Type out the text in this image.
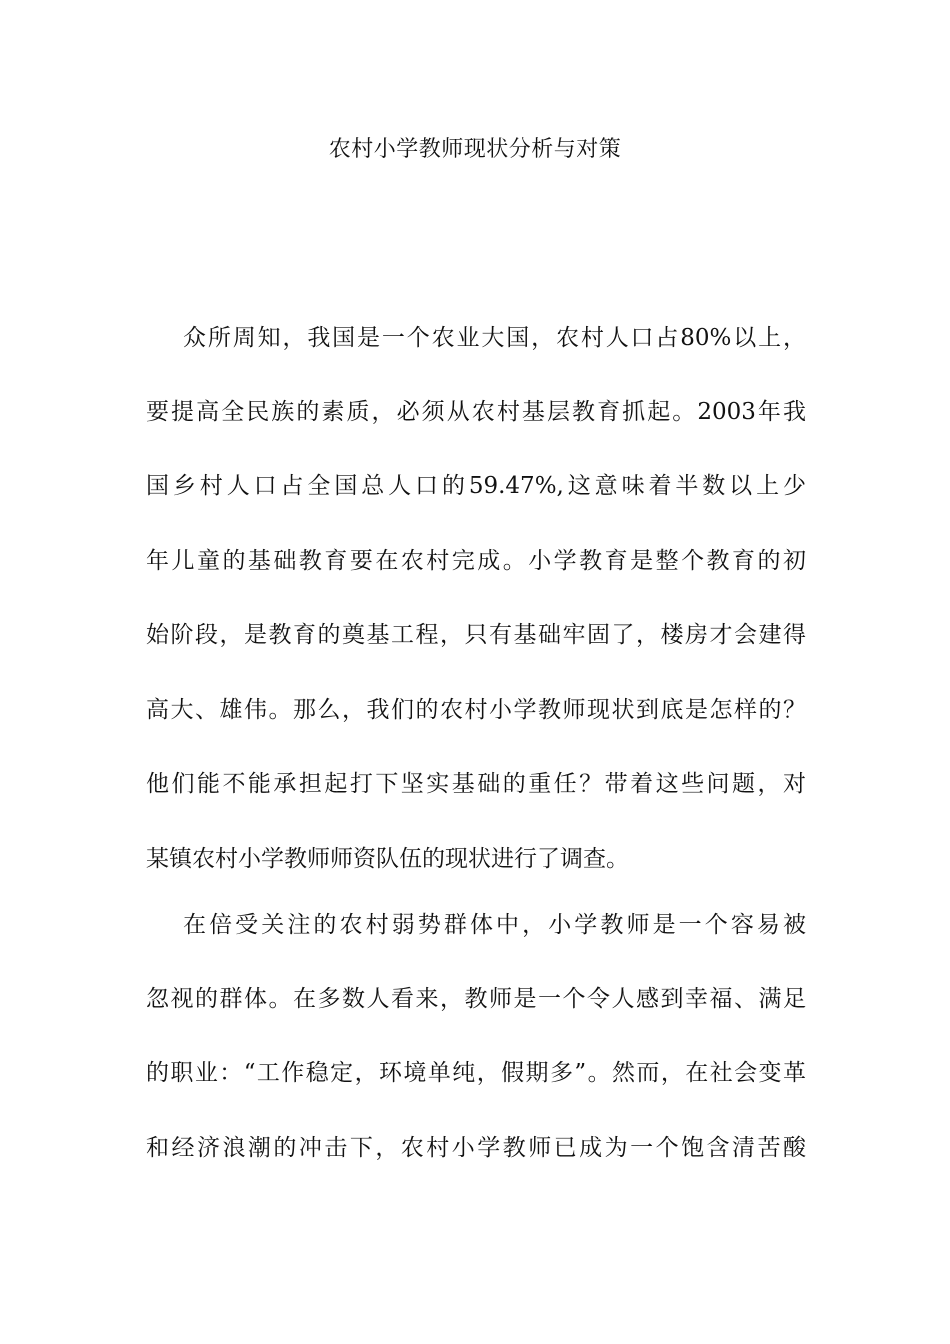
农村小学教师现状分析与对策
众所周知，我国是一个农业大国，农村人口占80%以上，
要提高全民族的素质，必须从农村基层教育抓起。2003年我
国乡村人口占全国总人口的59.47%,这意味着半数以上少
年儿童的基础教育要在农村完成。小学教育是整个教育的初
始阶段，是教育的奠基工程，只有基础牢固了，楼房才会建得
高大、雄伟。那么，我们的农村小学教师现状到底是怎样的？
他们能不能承担起打下坚实基础的重任？带着这些问题，对
某镇农村小学教师师资队伍的现状进行了调查。
在倍受关注的农村弱势群体中，小学教师是一个容易被
忽视的群体。在多数人看来，教师是一个令人感到幸福、满足
的职业：“工作稳定，环境单纯，假期多”。然而，在社会变革
和经济浪潮的冲击下，农村小学教师已成为一个饱含清苦酸
